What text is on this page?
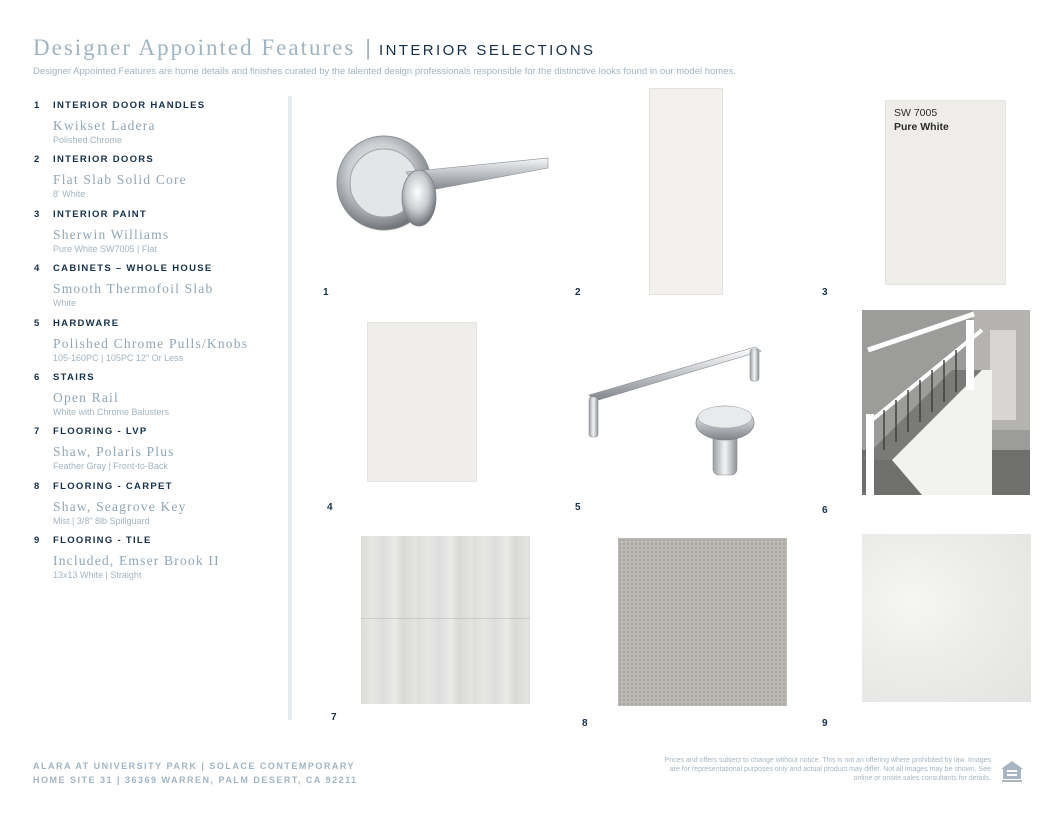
Designer Appointed Features | INTERIOR SELECTIONS
Designer Appointed Features are home details and finishes curated by the talented design professionals responsible for the distinctive looks found in our model homes.
1	INTERIOR DOOR HANDLES
Kwikset Ladera
Polished Chrome
2	INTERIOR DOORS
Flat Slab Solid Core
8' White
3	INTERIOR PAINT
Sherwin Williams
Pure White SW7005 | Flat
4	CABINETS – WHOLE HOUSE
Smooth Thermofoil Slab
White
5	HARDWARE
Polished Chrome Pulls/Knobs
105-160PC | 105PC 12" Or Less
6	STAIRS
Open Rail
White with Chrome Balusters
7	FLOORING - LVP
Shaw, Polaris Plus
Feather Gray | Front-to-Back
8	FLOORING - CARPET
Shaw, Seagrove Key
Mist | 3/8" 8lb Spillguard
9	FLOORING - TILE
Included, Emser Brook II
13x13 White | Straight
SW 7005
Pure White
1	2	3
4	5	6
7
8	9
ALARA AT UNIVERSITY PARK | SOLACE CONTEMPORARY
HOME SITE 31 | 36369 WARREN, PALM DESERT, CA 92211
Prices and offers subject to change without notice. This is not an offering where prohibited by law. Images are for representational purposes only and actual product may differ. Not all images may be shown. See online or onsite sales consultants for details.
